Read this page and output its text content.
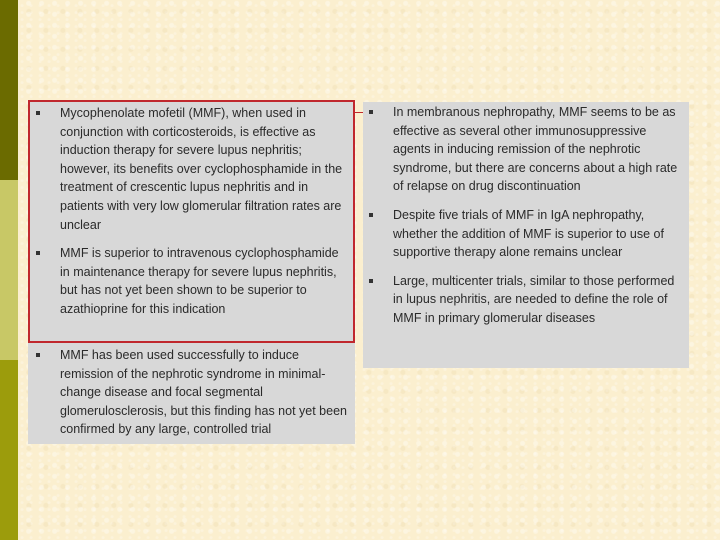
Mycophenolate mofetil (MMF), when used in conjunction with corticosteroids, is effective as induction therapy for severe lupus nephritis; however, its benefits over cyclophosphamide in the treatment of crescentic lupus nephritis and in patients with very low glomerular filtration rates are unclear
MMF is superior to intravenous cyclophosphamide in maintenance therapy for severe lupus nephritis, but has not yet been shown to be superior to azathioprine for this indication
MMF has been used successfully to induce remission of the nephrotic syndrome in minimal-change disease and focal segmental glomerulosclerosis, but this finding has not yet been confirmed by any large, controlled trial
In membranous nephropathy, MMF seems to be as effective as several other immunosuppressive agents in inducing remission of the nephrotic syndrome, but there are concerns about a high rate of relapse on drug discontinuation
Despite five trials of MMF in IgA nephropathy, whether the addition of MMF is superior to use of supportive therapy alone remains unclear
Large, multicenter trials, similar to those performed in lupus nephritis, are needed to define the role of MMF in primary glomerular diseases
